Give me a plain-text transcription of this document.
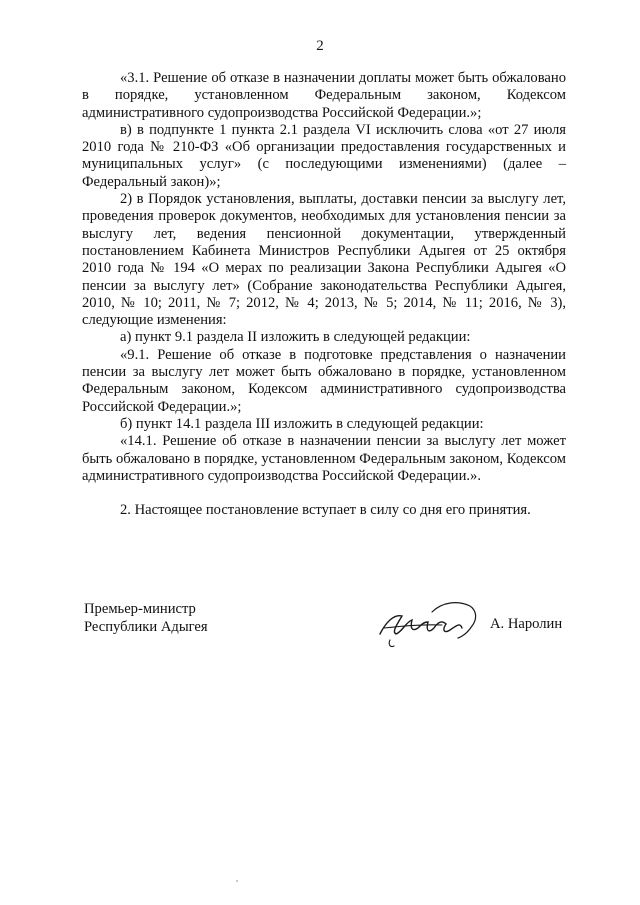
2

«3.1. Решение об отказе в назначении доплаты может быть обжаловано в порядке, установленном Федеральным законом, Кодексом административного судопроизводства Российской Федерации.»;

в) в подпункте 1 пункта 2.1 раздела VI исключить слова «от 27 июля 2010 года № 210-ФЗ «Об организации предоставления государственных и муниципальных услуг» (с последующими изменениями) (далее – Федеральный закон)»;

2) в Порядок установления, выплаты, доставки пенсии за выслугу лет, проведения проверок документов, необходимых для установления пенсии за выслугу лет, ведения пенсионной документации, утвержденный постановлением Кабинета Министров Республики Адыгея от 25 октября 2010 года № 194 «О мерах по реализации Закона Республики Адыгея «О пенсии за выслугу лет» (Собрание законодательства Республики Адыгея, 2010, № 10; 2011, № 7; 2012, № 4; 2013, № 5; 2014, № 11; 2016, № 3), следующие изменения:

а) пункт 9.1 раздела II изложить в следующей редакции:

«9.1. Решение об отказе в подготовке представления о назначении пенсии за выслугу лет может быть обжаловано в порядке, установленном Федеральным законом, Кодексом административного судопроизводства Российской Федерации.»;

б) пункт 14.1 раздела III изложить в следующей редакции:

«14.1. Решение об отказе в назначении пенсии за выслугу лет может быть обжаловано в порядке, установленном Федеральным законом, Кодексом административного судопроизводства Российской Федерации.».

2. Настоящее постановление вступает в силу со дня его принятия.

Премьер-министр
Республики Адыгея	А. Наролин
